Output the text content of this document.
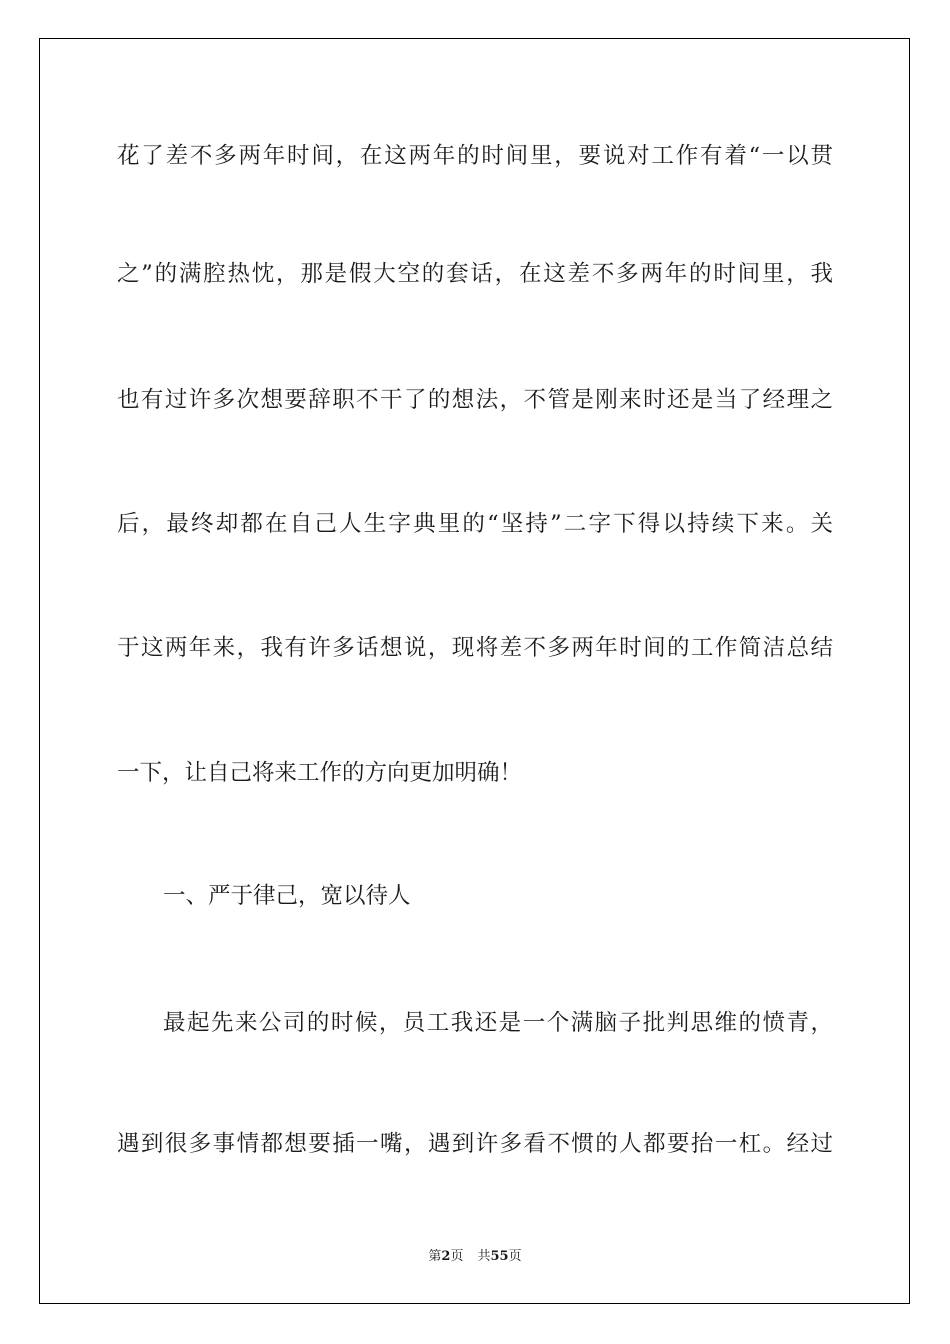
花了差不多两年时间，在这两年的时间里，要说对工作有着“一以贯
之”的满腔热忱，那是假大空的套话，在这差不多两年的时间里，我
也有过许多次想要辞职不干了的想法，不管是刚来时还是当了经理之
后，最终却都在自己人生字典里的“坚持”二字下得以持续下来。关
于这两年来，我有许多话想说，现将差不多两年时间的工作简洁总结
一下，让自己将来工作的方向更加明确！
一、严于律己，宽以待人
最起先来公司的时候，员工我还是一个满脑子批判思维的愤青，
遇到很多事情都想要插一嘴，遇到许多看不惯的人都要抬一杠。经过
第2页 共55页
